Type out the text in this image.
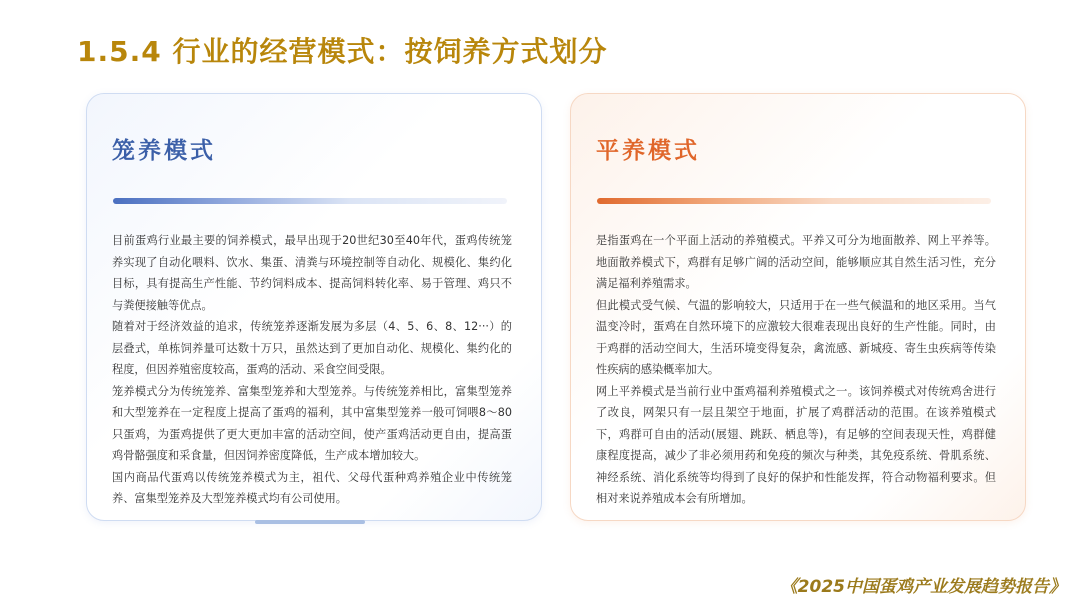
1.5.4 行业的经营模式：按饲养方式划分
笼养模式

目前蛋鸡行业最主要的饲养模式，最早出现于20世纪30至40年代，蛋鸡传统笼养实现了自动化喂料、饮水、集蛋、清粪与环境控制等自动化、规模化、集约化目标，具有提高生产性能、节约饲料成本、提高饲料转化率、易于管理、鸡只不与粪便接触等优点。

随着对于经济效益的追求，传统笼养逐渐发展为多层（4、5、6、8、12···）的层叠式，单栋饲养量可达数十万只，虽然达到了更加自动化、规模化、集约化的程度，但因养殖密度较高，蛋鸡的活动、采食空间受限。

笼养模式分为传统笼养、富集型笼养和大型笼养。与传统笼养相比，富集型笼养和大型笼养在一定程度上提高了蛋鸡的福利，其中富集型笼养一般可饲喂8～80只蛋鸡，为蛋鸡提供了更大更加丰富的活动空间，使产蛋鸡活动更自由，提高蛋鸡骨骼强度和采食量，但因饲养密度降低，生产成本增加较大。

国内商品代蛋鸡以传统笼养模式为主，祖代、父母代蛋种鸡养殖企业中传统笼养、富集型笼养及大型笼养模式均有公司使用。

平养模式

是指蛋鸡在一个平面上活动的养殖模式。平养又可分为地面散养、网上平养等。地面散养模式下，鸡群有足够广阔的活动空间，能够顺应其自然生活习性，充分满足福利养殖需求。

但此模式受气候、气温的影响较大，只适用于在一些气候温和的地区采用。当气温变冷时，蛋鸡在自然环境下的应激较大很难表现出良好的生产性能。同时，由于鸡群的活动空间大，生活环境变得复杂，禽流感、新城疫、寄生虫疾病等传染性疾病的感染概率加大。

网上平养模式是当前行业中蛋鸡福利养殖模式之一。该饲养模式对传统鸡舍进行了改良，网架只有一层且架空于地面，扩展了鸡群活动的范围。在该养殖模式下，鸡群可自由的活动(展翅、跳跃、栖息等)，有足够的空间表现天性，鸡群健康程度提高，减少了非必须用药和免疫的频次与种类，其免疫系统、骨肌系统、神经系统、消化系统等均得到了良好的保护和性能发挥，符合动物福利要求。但相对来说养殖成本会有所增加。

《2025中国蛋鸡产业发展趋势报告》
